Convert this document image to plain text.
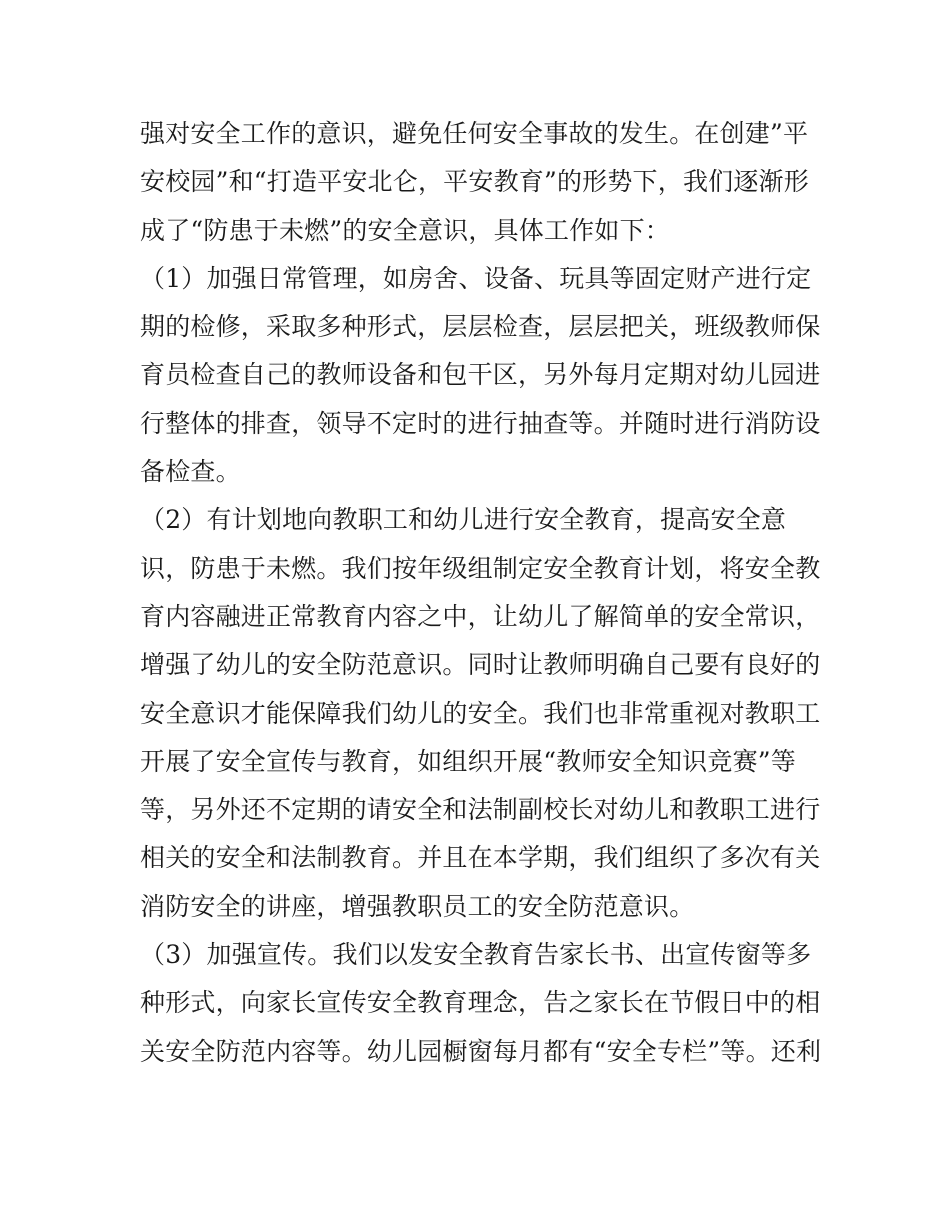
强对安全工作的意识，避免任何安全事故的发生。在创建”平
安校园”和“打造平安北仑，平安教育”的形势下，我们逐渐形
成了“防患于未燃”的安全意识，具体工作如下：
（1）加强日常管理，如房舍、设备、玩具等固定财产进行定
期的检修，采取多种形式，层层检查，层层把关，班级教师保
育员检查自己的教师设备和包干区，另外每月定期对幼儿园进
行整体的排查，领导不定时的进行抽查等。并随时进行消防设
备检查。
（2）有计划地向教职工和幼儿进行安全教育，提高安全意
识，防患于未燃。我们按年级组制定安全教育计划，将安全教
育内容融进正常教育内容之中，让幼儿了解简单的安全常识，
增强了幼儿的安全防范意识。同时让教师明确自己要有良好的
安全意识才能保障我们幼儿的安全。我们也非常重视对教职工
开展了安全宣传与教育，如组织开展“教师安全知识竞赛”等
等，另外还不定期的请安全和法制副校长对幼儿和教职工进行
相关的安全和法制教育。并且在本学期，我们组织了多次有关
消防安全的讲座，增强教职员工的安全防范意识。
（3）加强宣传。我们以发安全教育告家长书、出宣传窗等多
种形式，向家长宣传安全教育理念，告之家长在节假日中的相
关安全防范内容等。幼儿园橱窗每月都有“安全专栏”等。还利
